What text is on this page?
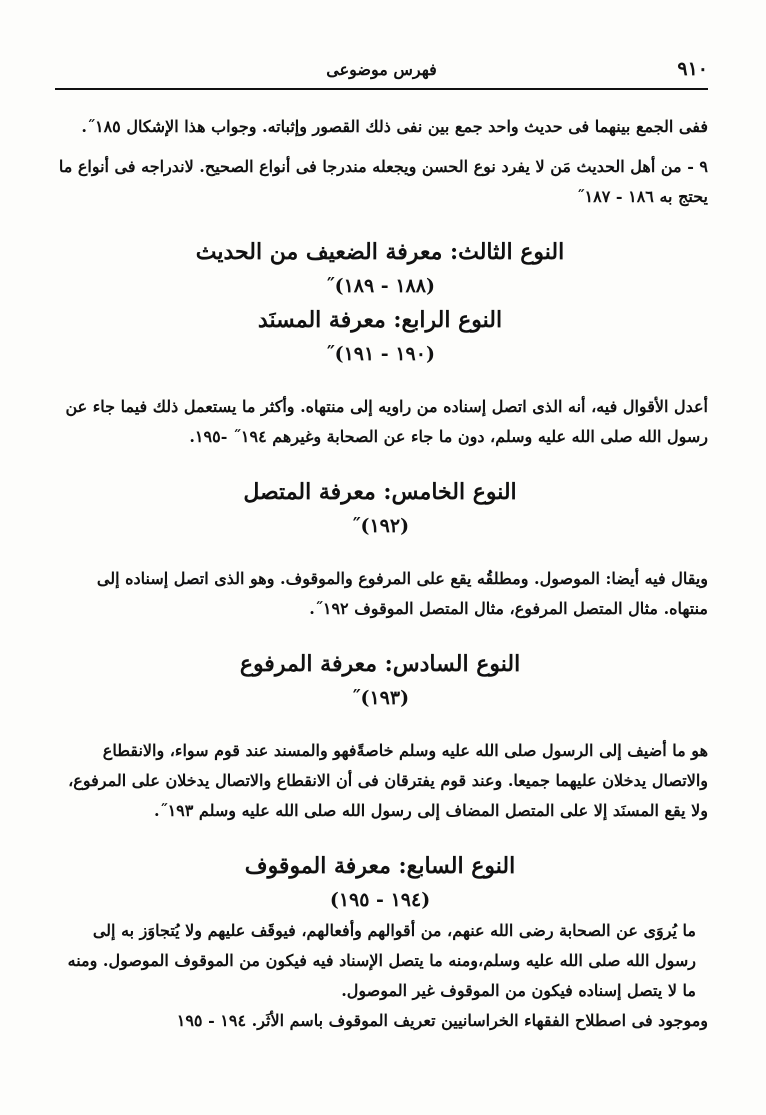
٩١٠
فهرس موضوعى

ففى الجمع بينهما فى حديث واحد جمع بين نفى ذلك القصور وإثباته. وجواب هذا الإشكال ١٨٥˝.

٩ - من أهل الحديث مَن لا يفرد نوع الحسن ويجعله مندرجا فى أنواع الصحيح. لاندراجه فى أنواع ما يحتج به ١٨٦ - ١٨٧˝

النوع الثالث: معرفة الضعيف من الحديث
(١٨٨ - ١٨٩)˝
النوع الرابع: معرفة المسنَد
(١٩٠ - ١٩١)˝

أعدل الأقوال فيه، أنه الذى اتصل إسناده من راويه إلى منتهاه. وأكثر ما يستعمل ذلك فيما جاء عن رسول الله صلى الله عليه وسلم، دون ما جاء عن الصحابة وغيرهم ١٩٤˝ -١٩٥.

النوع الخامس: معرفة المتصل
(١٩٢)˝

ويقال فيه أيضا: الموصول. ومطلقُه يقع على المرفوع والموقوف. وهو الذى اتصل إسناده إلى منتهاه. مثال المتصل المرفوع، مثال المتصل الموقوف ١٩٢˝.

النوع السادس: معرفة المرفوع
(١٩٣)˝

هو ما أضيف إلى الرسول صلى الله عليه وسلم خاصةًفهو والمسند عند قوم سواء، والانقطاع والاتصال يدخلان عليهما جميعا. وعند قوم يفترقان فى أن الانقطاع والاتصال يدخلان على المرفوع، ولا يقع المسنَد إلا على المتصل المضاف إلى رسول الله صلى الله عليه وسلم ١٩٣˝.

النوع السابع: معرفة الموقوف
(١٩٤ - ١٩٥)

ما يُروَى عن الصحابة رضى الله عنهم، من أقوالهم وأفعالهم، فيوقَف عليهم ولا يُتجاوَز به إلى رسول الله صلى الله عليه وسلم،ومنه ما يتصل الإسناد فيه فيكون من الموقوف الموصول. ومنه ما لا يتصل إسناده فيكون من الموقوف غير الموصول.

وموجود فى اصطلاح الفقهاء الخراسانيين تعريف الموقوف باسم الأثَر. ١٩٤ - ١٩٥
